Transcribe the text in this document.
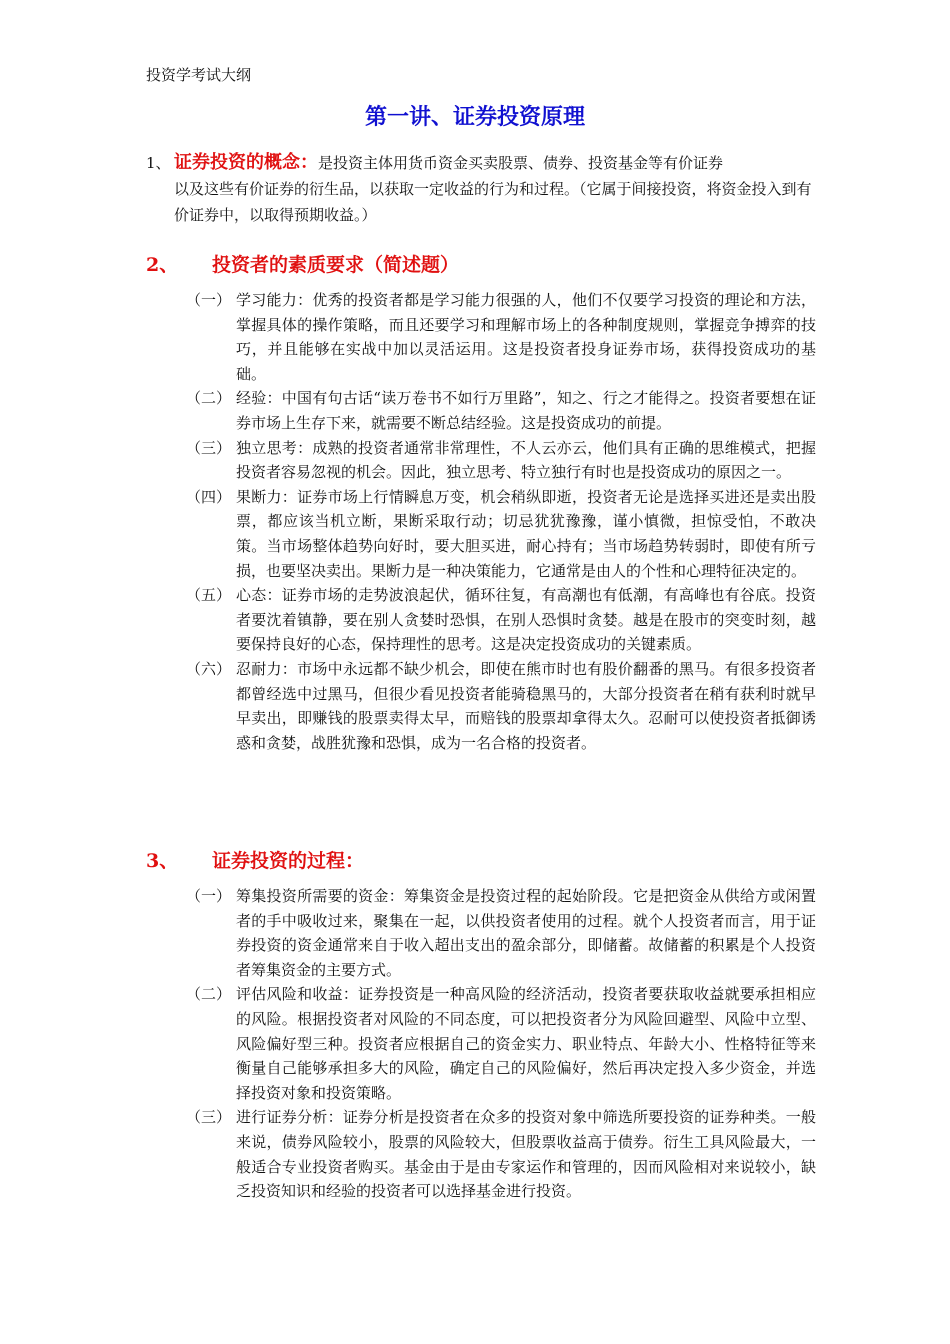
投资学考试大纲
第一讲、证券投资原理
1、 证券投资的概念：是投资主体用货币资金买卖股票、债券、投资基金等有价证券
以及这些有价证券的衍生品，以获取一定收益的行为和过程。（它属于间接投资，将资金投入到有价证券中，以取得预期收益。）
2、 投资者的素质要求（简述题）
（一） 学习能力：优秀的投资者都是学习能力很强的人，他们不仅要学习投资的理论和方法，掌握具体的操作策略，而且还要学习和理解市场上的各种制度规则，掌握竞争搏弈的技巧，并且能够在实战中加以灵活运用。这是投资者投身证券市场，获得投资成功的基础。
（二） 经验：中国有句古话“读万卷书不如行万里路”，知之、行之才能得之。投资者要想在证券市场上生存下来，就需要不断总结经验。这是投资成功的前提。
（三） 独立思考：成熟的投资者通常非常理性，不人云亦云，他们具有正确的思维模式，把握投资者容易忽视的机会。因此，独立思考、特立独行有时也是投资成功的原因之一。
（四） 果断力：证券市场上行情瞬息万变，机会稍纵即逝，投资者无论是选择买进还是卖出股票，都应该当机立断，果断采取行动；切忌犹犹豫豫，谨小慎微，担惊受怕，不敢决策。当市场整体趋势向好时，要大胆买进，耐心持有；当市场趋势转弱时，即使有所亏损，也要坚决卖出。果断力是一种决策能力，它通常是由人的个性和心理特征决定的。
（五） 心态：证券市场的走势波浪起伏，循环往复，有高潮也有低潮，有高峰也有谷底。投资者要沈着镇静，要在别人贪婪时恐惧，在别人恐惧时贪婪。越是在股市的突变时刻，越要保持良好的心态，保持理性的思考。这是决定投资成功的关键素质。
（六） 忍耐力：市场中永远都不缺少机会，即使在熊市时也有股价翻番的黑马。有很多投资者都曾经选中过黑马，但很少看见投资者能骑稳黑马的，大部分投资者在稍有获利时就早早卖出，即赚钱的股票卖得太早，而赔钱的股票却拿得太久。忍耐可以使投资者抵御诱惑和贪婪，战胜犹豫和恐惧，成为一名合格的投资者。
3、 证券投资的过程：
（一） 筹集投资所需要的资金：筹集资金是投资过程的起始阶段。它是把资金从供给方或闲置者的手中吸收过来，聚集在一起，以供投资者使用的过程。就个人投资者而言，用于证券投资的资金通常来自于收入超出支出的盈余部分，即储蓄。故储蓄的积累是个人投资者筹集资金的主要方式。
（二） 评估风险和收益：证券投资是一种高风险的经济活动，投资者要获取收益就要承担相应的风险。根据投资者对风险的不同态度，可以把投资者分为风险回避型、风险中立型、风险偏好型三种。投资者应根据自己的资金实力、职业特点、年龄大小、性格特征等来衡量自己能够承担多大的风险，确定自己的风险偏好，然后再决定投入多少资金，并选择投资对象和投资策略。
（三） 进行证券分析：证券分析是投资者在众多的投资对象中筛选所要投资的证券种类。一般来说，债券风险较小，股票的风险较大，但股票收益高于债券。衍生工具风险最大，一般适合专业投资者购买。基金由于是由专家运作和管理的，因而风险相对来说较小，缺乏投资知识和经验的投资者可以选择基金进行投资。
